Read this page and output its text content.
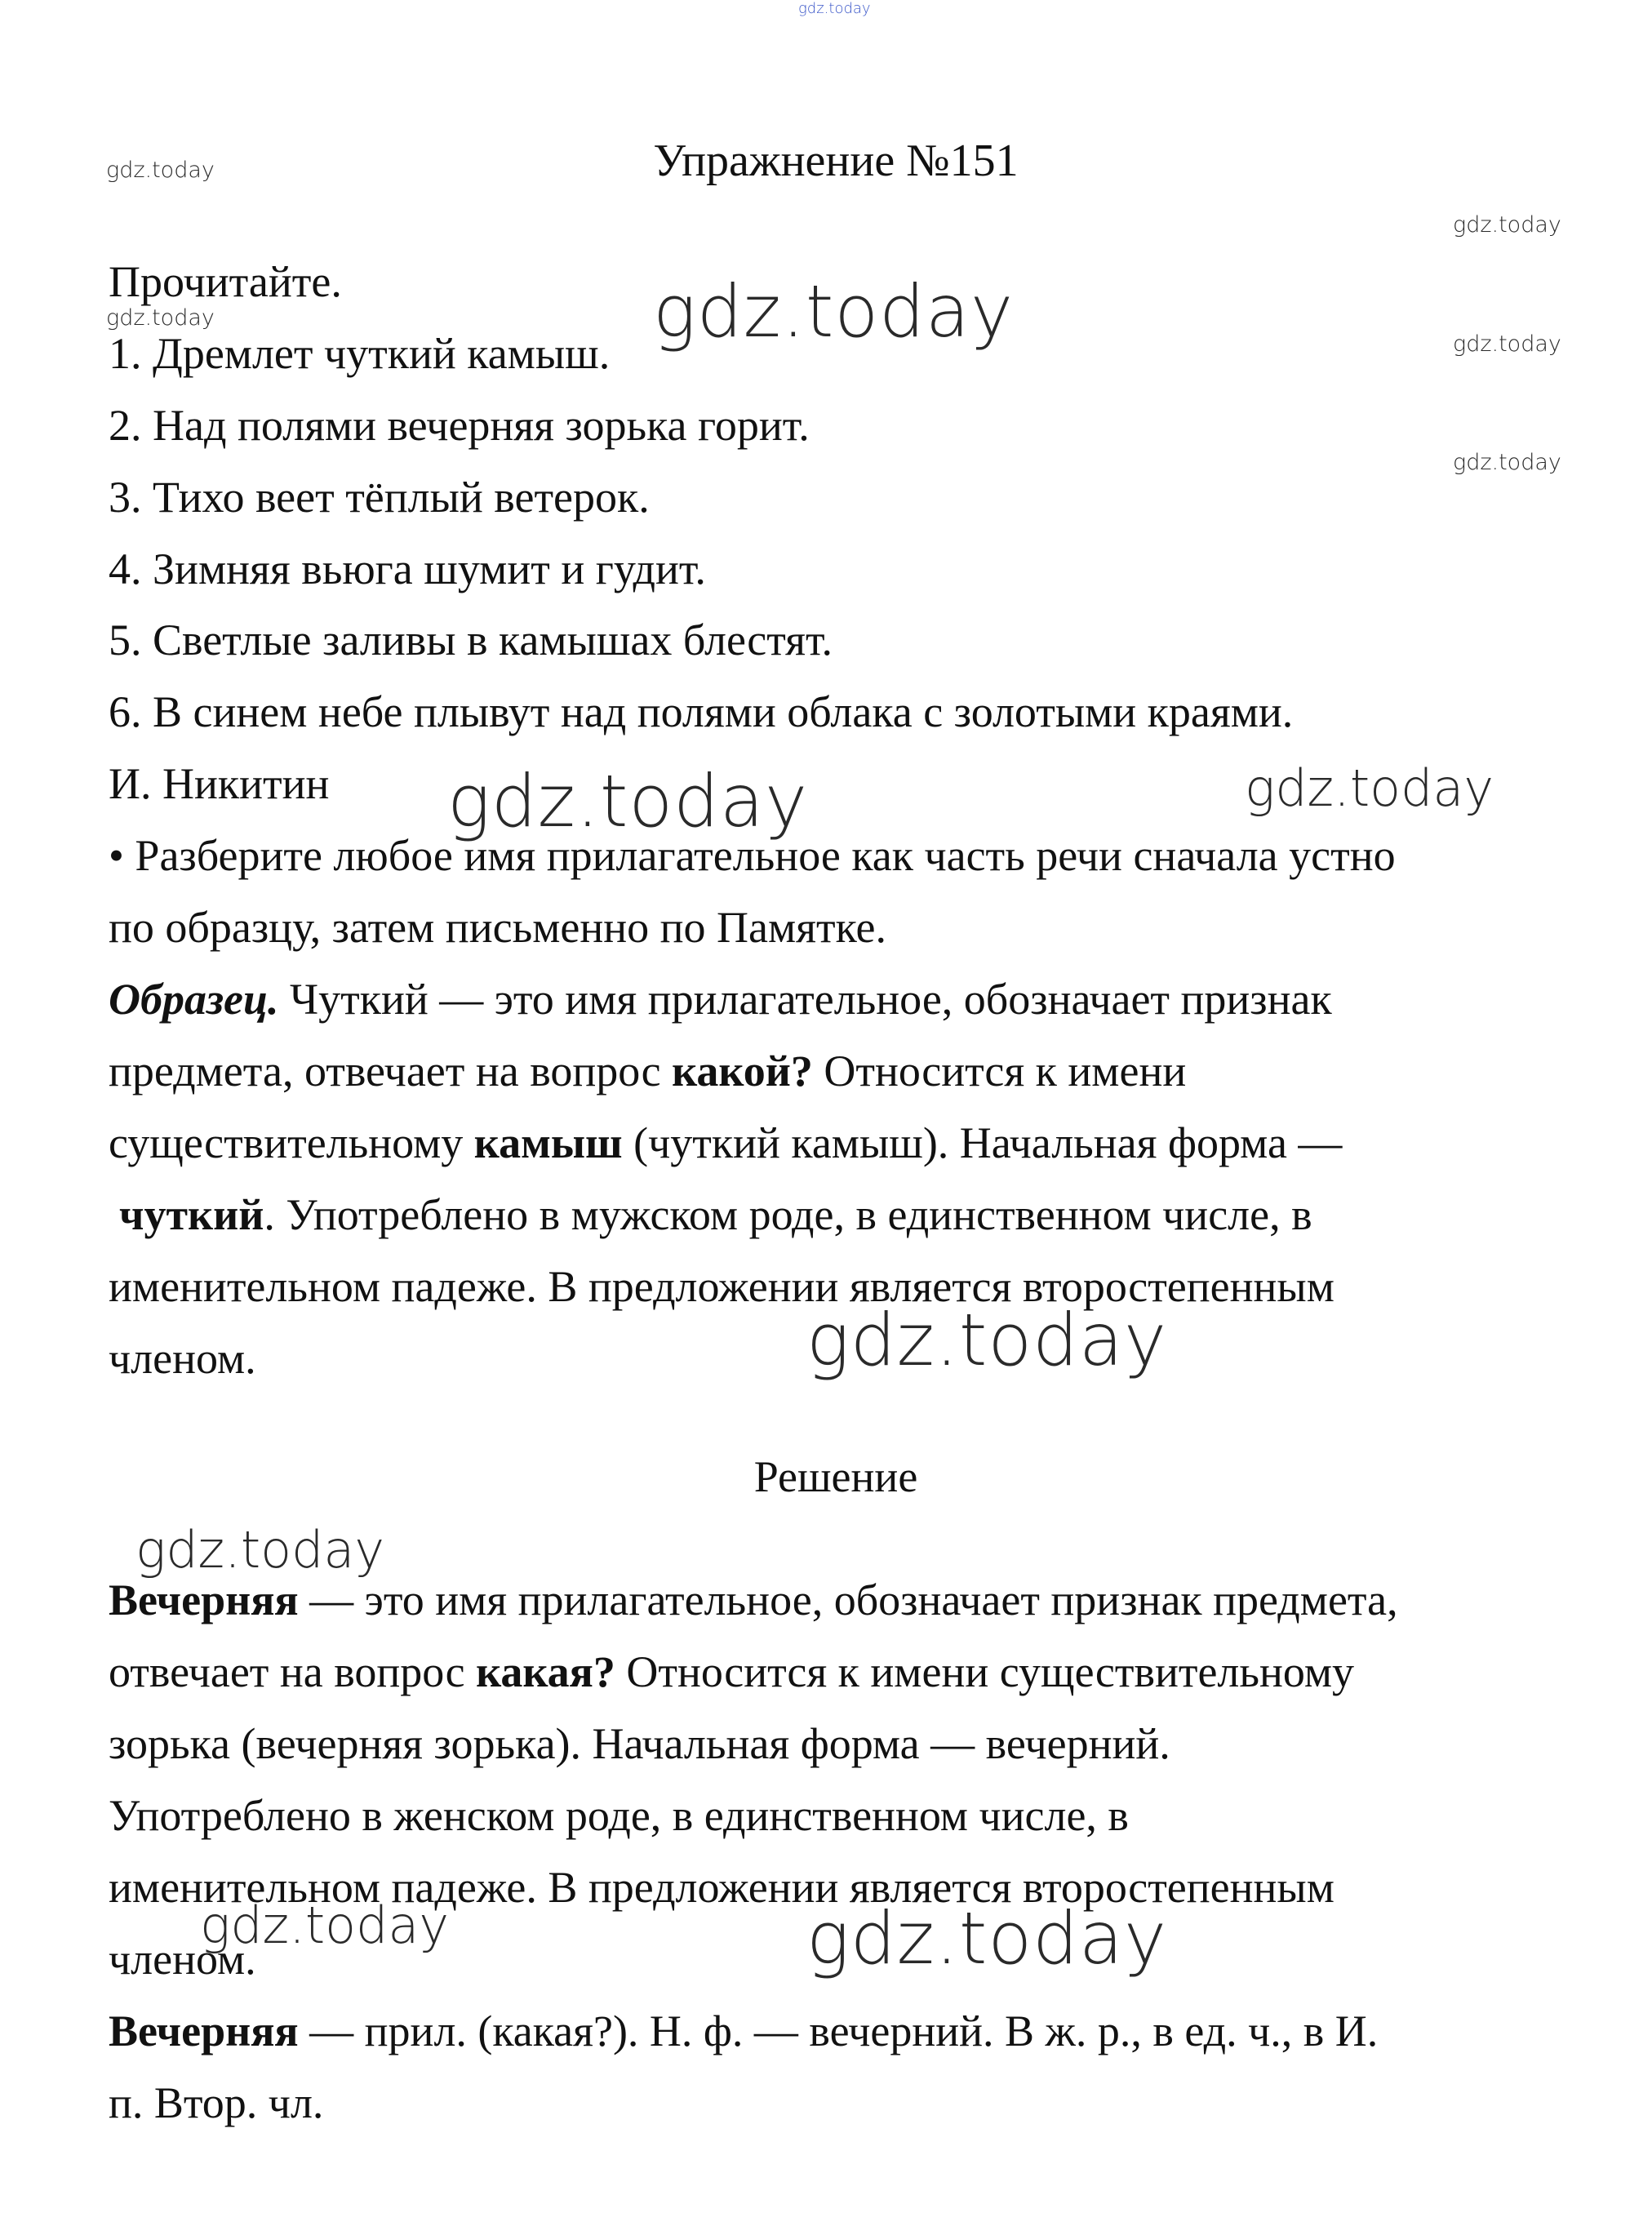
gdz.today
gdz.today
gdz.today
gdz.today
gdz.today
gdz.today
gdz.today
gdz.today	gdz.today
gdz.today
gdz.today
gdz.today	gdz.today
Упражнение №151
Прочитайте.
1. Дремлет чуткий камыш.
2. Над полями вечерняя зорька горит.
3. Тихо веет тёплый ветерок.
4. Зимняя вьюга шумит и гудит.
5. Светлые заливы в камышах блестят.
6. В синем небе плывут над полями облака с золотыми краями.
И. Никитин
• Разберите любое имя прилагательное как часть речи сначала устно
по образцу, затем письменно по Памятке.
Образец. Чуткий — это имя прилагательное, обозначает признак
предмета, отвечает на вопрос какой? Относится к имени
существительному камыш (чуткий камыш). Начальная форма —
чуткий. Употреблено в мужском роде, в единственном числе, в
именительном падеже. В предложении является второстепенным
членом.
Решение
Вечерняя — это имя прилагательное, обозначает признак предмета,
отвечает на вопрос какая? Относится к имени существительному
зорька (вечерняя зорька). Начальная форма — вечерний.
Употреблено в женском роде, в единственном числе, в
именительном падеже. В предложении является второстепенным
членом.
Вечерняя — прил. (какая?). Н. ф. — вечерний. В ж. р., в ед. ч., в И.
п. Втор. чл.
